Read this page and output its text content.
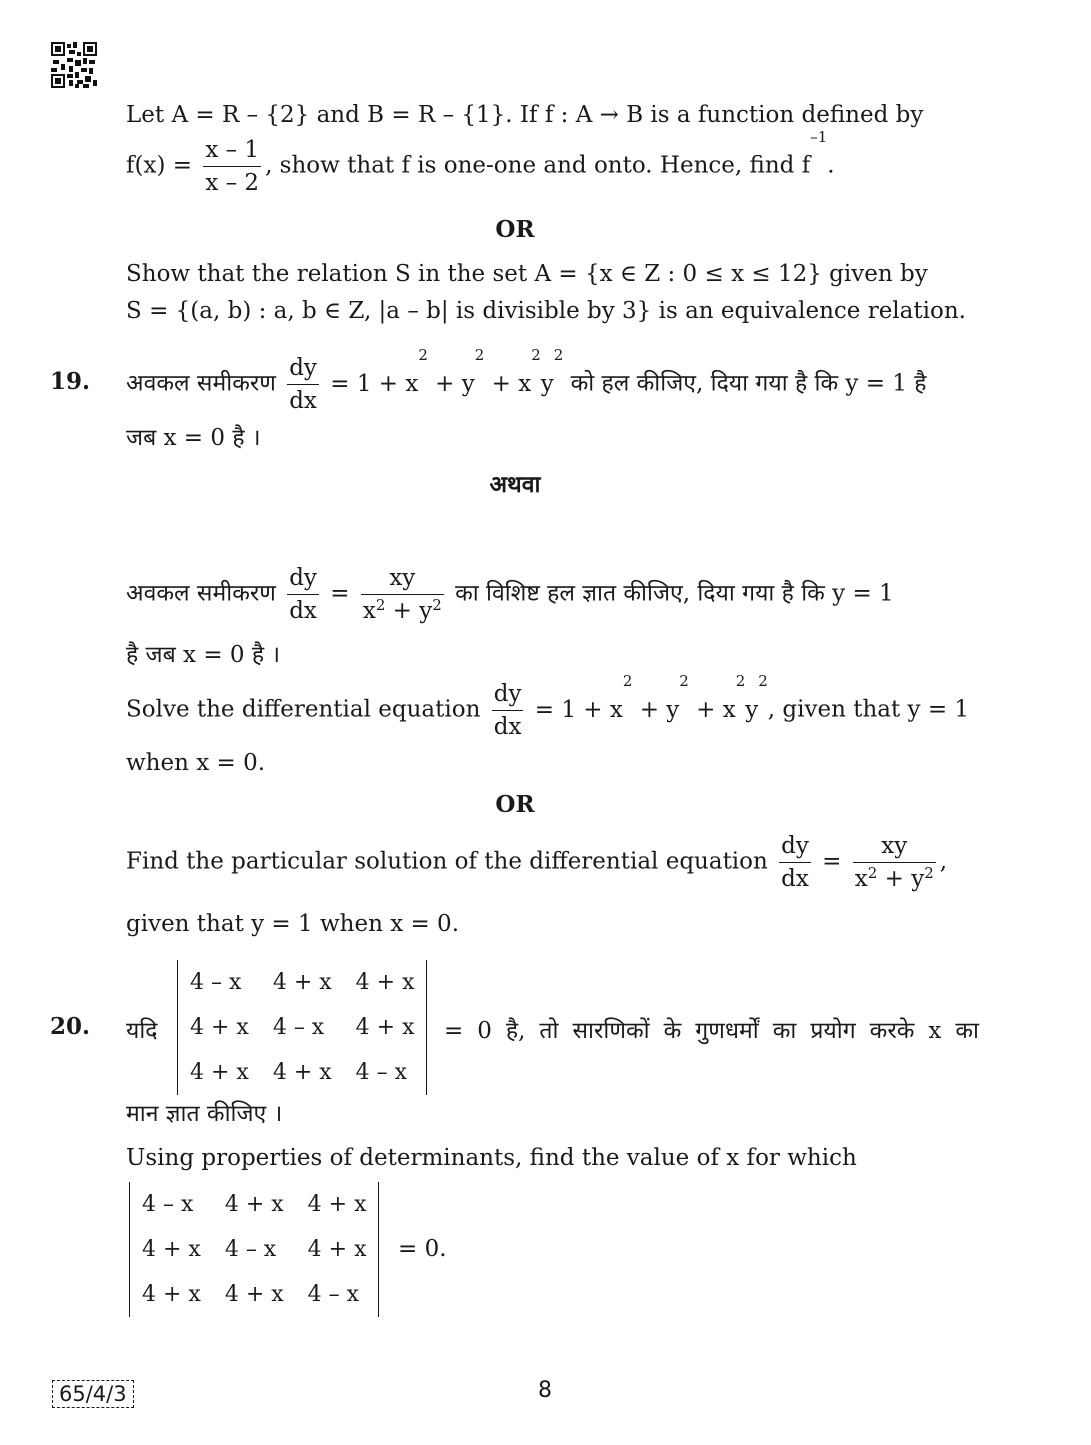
Let A = R – {2} and B = R – {1}. If f : A → B is a function defined by
$f(x) = \frac{x - 1}{x - 2}$ , show that f is one-one and onto. Hence, find $f^{-1}$.
OR
Show that the relation S in the set A = {x ∈ Z : 0 ≤ x ≤ 12} given by
S = {(a, b) : a, b ∈ Z, |a – b| is divisible by 3} is an equivalence relation.
19. अवकल समीकरण $\frac{dy}{dx} = 1 + x^2 + y^2 + x^2y^2$ को हल कीजिए, दिया गया है कि y = 1 है
जब x = 0 है ।
अथवा
अवकल समीकरण $\frac{dy}{dx} = \frac{xy}{x^2 + y^2}$ का विशिष्ट हल ज्ञात कीजिए, दिया गया है कि y = 1
है जब x = 0 है ।
Solve the differential equation $\frac{dy}{dx} = 1 + x^2 + y^2 + x^2y^2$, given that y = 1
when x = 0.
OR
Find the particular solution of the differential equation $\frac{dy}{dx} = \frac{xy}{x^2 + y^2}$ ,
given that y = 1 when x = 0.
20. यदि
4 – x	4 + x	4 + x
4 + x	4 – x	4 + x
4 + x	4 + x	4 – x
= 0 है, तो सारणिकों के गुणधर्मों का प्रयोग करके x का
मान ज्ञात कीजिए ।
Using properties of determinants, find the value of x for which
4 – x	4 + x	4 + x
4 + x	4 – x	4 + x
4 + x	4 + x	4 – x
= 0.
65/4/3	8
